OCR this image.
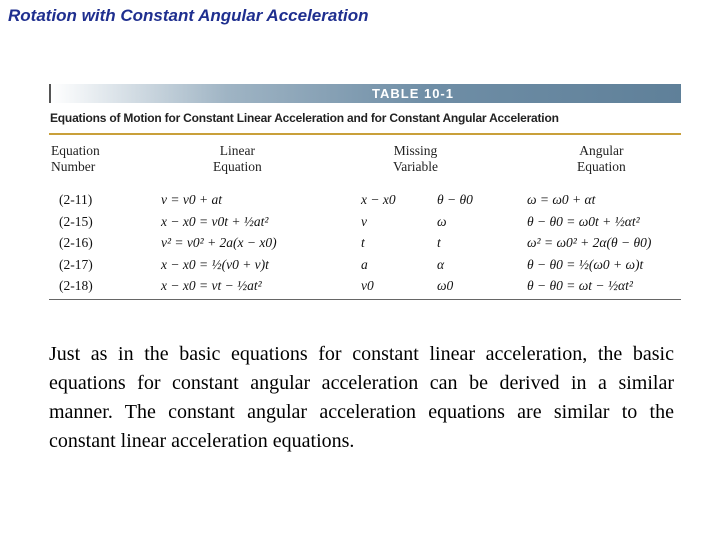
Rotation with Constant Angular Acceleration
TABLE 10-1
Equations of Motion for Constant Linear Acceleration and for Constant Angular Acceleration
Equation
Number
Linear
Equation
Missing
Variable
Angular
Equation
(2-11)	v = v0 + at	x − x0	θ − θ0	ω = ω0 + αt
(2-15)	x − x0 = v0t + ½at²	v	ω	θ − θ0 = ω0t + ½αt²
(2-16)	v² = v0² + 2a(x − x0)	t	t	ω² = ω0² + 2α(θ − θ0)
(2-17)	x − x0 = ½(v0 + v)t	a	α	θ − θ0 = ½(ω0 + ω)t
(2-18)	x − x0 = vt − ½at²	v0	ω0	θ − θ0 = ωt − ½αt²
Just as in the basic equations for constant linear acceleration, the basic equations for constant angular acceleration can be derived in a similar manner. The constant angular acceleration equations are similar to the constant linear acceleration equations.
